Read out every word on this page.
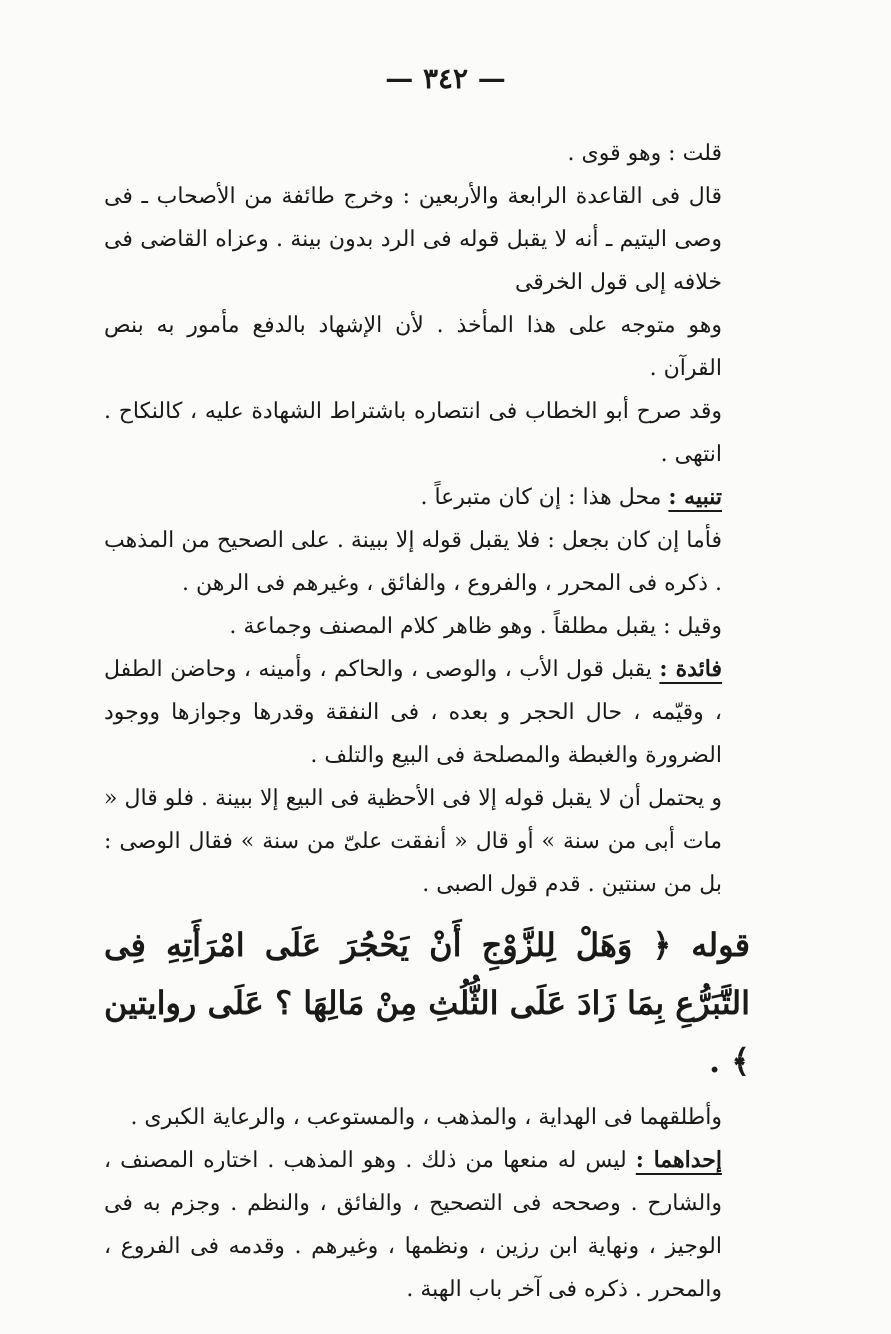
— ٣٤٢ —
قلت : وهو قوى .
قال فى القاعدة الرابعة والأربعين : وخرج طائفة من الأصحاب ـ فى وصى اليتيم ـ أنه لا يقبل قوله فى الرد بدون بينة . وعزاه القاضى فى خلافه إلى قول الخرقى
وهو متوجه على هذا المأخذ . لأن الإشهاد بالدفع مأمور به بنص القرآن .
وقد صرح أبو الخطاب فى انتصاره باشتراط الشهادة عليه ، كالنكاح . انتهى .
تنبيه : محل هذا : إن كان متبرعاً .
فأما إن كان بجعل : فلا يقبل قوله إلا ببينة . على الصحيح من المذهب . ذكره فى المحرر ، والفروع ، والفائق ، وغيرهم فى الرهن .
وقيل : يقبل مطلقاً . وهو ظاهر كلام المصنف وجماعة .
فائدة : يقبل قول الأب ، والوصى ، والحاكم ، وأمينه ، وحاضن الطفل ، وقيّمه ، حال الحجر و بعده ، فى النفقة وقدرها وجوازها ووجود الضرورة والغبطة والمصلحة فى البيع والتلف .
و يحتمل أن لا يقبل قوله إلا فى الأحظية فى البيع إلا ببينة . فلو قال « مات أبى من سنة » أو قال « أنفقت علىّ من سنة » فقال الوصى : بل من سنتين . قدم قول الصبى .
قوله ﴿ وَهَلْ لِلزَّوْجِ أَنْ يَحْجُرَ عَلَى امْرَأَتِهِ فِى التَّبَرُّعِ بِمَا زَادَ عَلَى الثُّلُثِ مِنْ مَالِهَا ؟ عَلَى روايتين ﴾ .
وأطلقهما فى الهداية ، والمذهب ، والمستوعب ، والرعاية الكبرى .
إحداهما : ليس له منعها من ذلك . وهو المذهب . اختاره المصنف ، والشارح . وصححه فى التصحيح ، والفائق ، والنظم . وجزم به فى الوجيز ، ونهاية ابن رزين ، ونظمها ، وغيرهم . وقدمه فى الفروع ، والمحرر . ذكره فى آخر باب الهبة .
